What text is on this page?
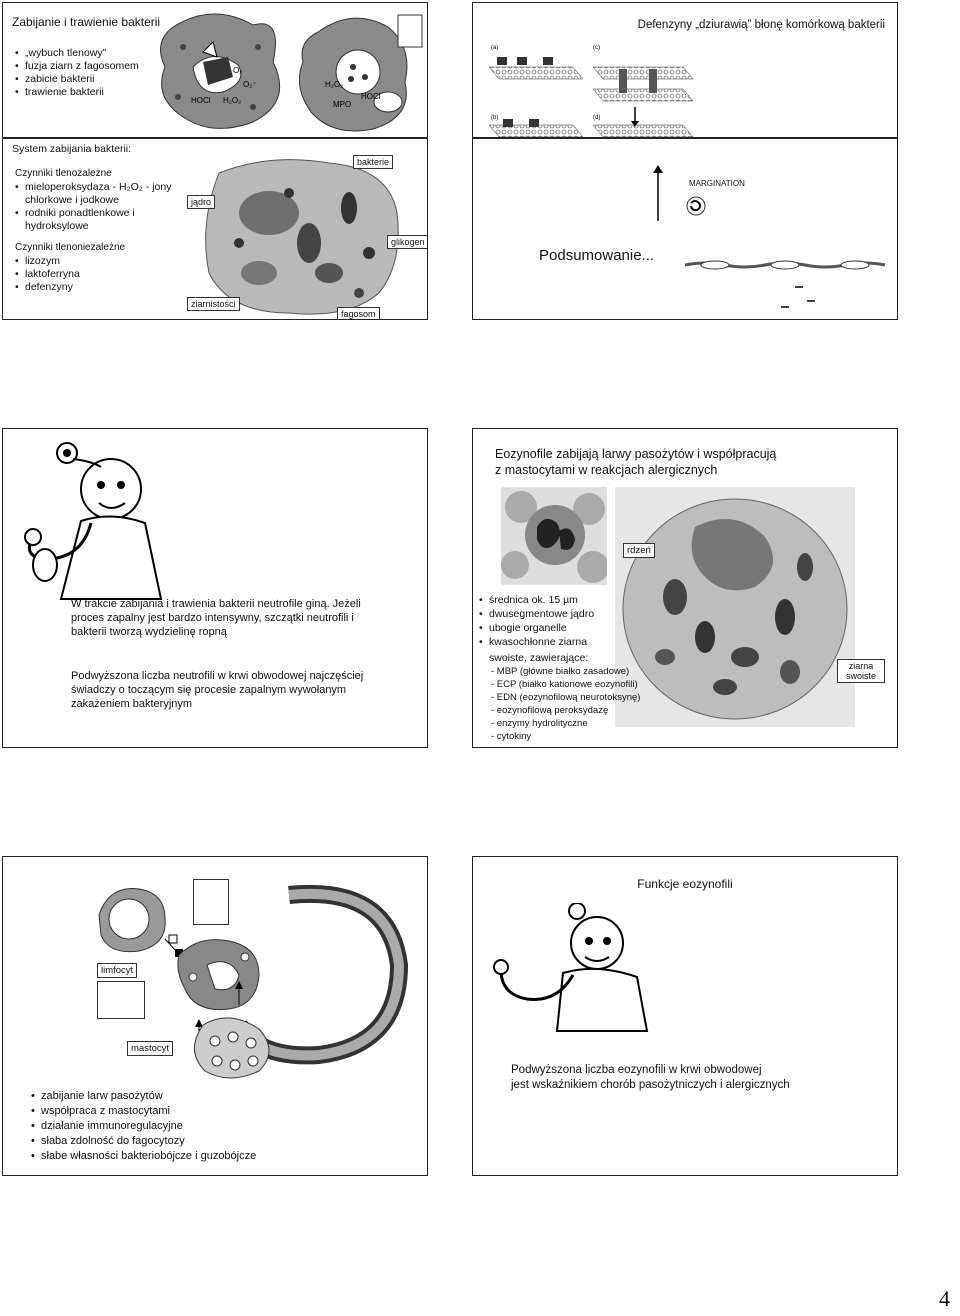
Zabijanie i trawienie bakterii
• „wybuch tlenowy”
• fuzja ziarn z fagosomem
• zabicie bakterii
• trawienie bakterii
HOCl H₂O₂
O₂⁻
O₂
H₂O₂
HOCl
MPO
Defenzyny „dziurawią” błonę komórkową bakterii
(a)	(c)
(b)	(d)
System zabijania bakterii:
Czynniki tlenozależne
• mieloperoksydaza - H₂O₂ - jony chlorkowe i jodkowe
• rodniki ponadtlenkowe i hydroksylowe
Czynniki tlenoniezależne
• lizozym
• laktoferryna
• defenzyny
bakterie
jądro
glikogen
ziarnistości
fagosom
MARGINATION
Podsumowanie...
W trakcie zabijania i trawienia bakterii neutrofile giną. Jeżeli proces zapalny jest bardzo intensywny, szczątki neutrofili i bakterii tworzą wydzielinę ropną
Podwyższona liczba neutrofili w krwi obwodowej najczęściej świadczy o toczącym się procesie zapalnym wywołanym zakażeniem bakteryjnym
Eozynofile zabijają larwy pasożytów i współpracują
z mastocytami w reakcjach alergicznych
rdzeń
ziarna swoiste
• średnica ok. 15 µm
• dwusegmentowe jądro
• ubogie organelle
• kwasochłonne ziarna
swoiste, zawierające:
- MBP (główne białko zasadowe)
- ECP (białko kationowe eozynofili)
- EDN (eozynofilową neurotoksynę)
- eozynofilową peroksydazę
- enzymy hydrolityczne
- cytokiny
limfocyt
mastocyt
• zabijanie larw pasożytów
• współpraca z mastocytami
• działanie immunoregulacyjne
• słaba zdolność do fagocytozy
• słabe własności bakteriobójcze i guzobójcze
Funkcje eozynofili
Podwyższona liczba eozynofili w krwi obwodowej
jest wskaźnikiem chorób pasożytniczych i alergicznych
4
